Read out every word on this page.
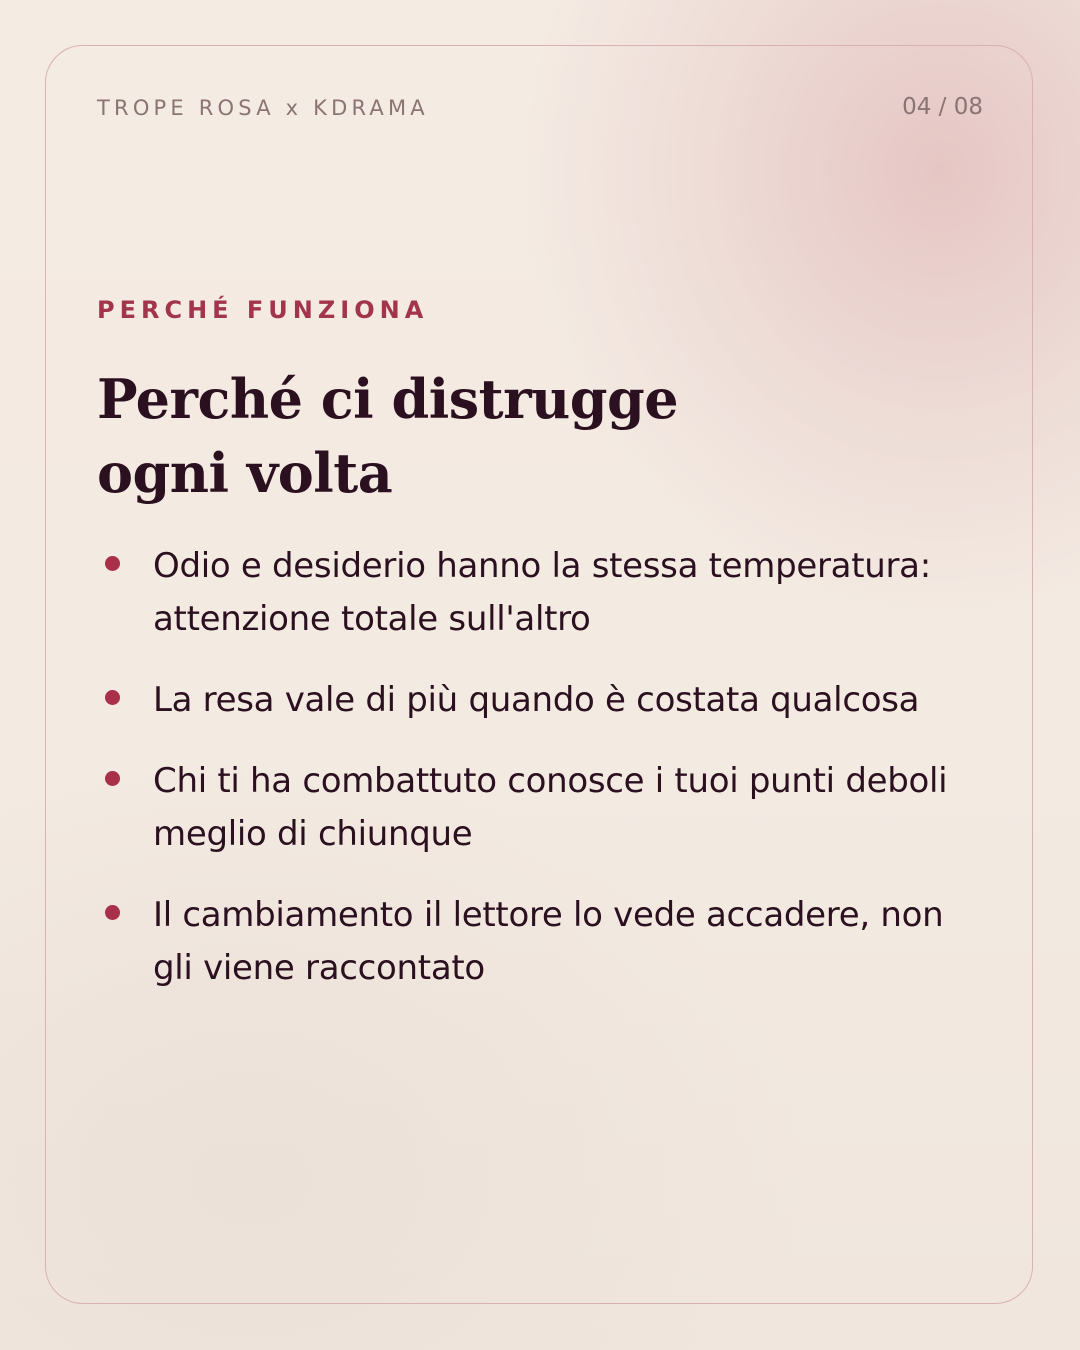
TROPE ROSA x KDRAMA	04 / 08
PERCHÉ FUNZIONA
Perché ci distrugge ogni volta
Odio e desiderio hanno la stessa temperatura: attenzione totale sull'altro
La resa vale di più quando è costata qualcosa
Chi ti ha combattuto conosce i tuoi punti deboli meglio di chiunque
Il cambiamento il lettore lo vede accadere, non gli viene raccontato
